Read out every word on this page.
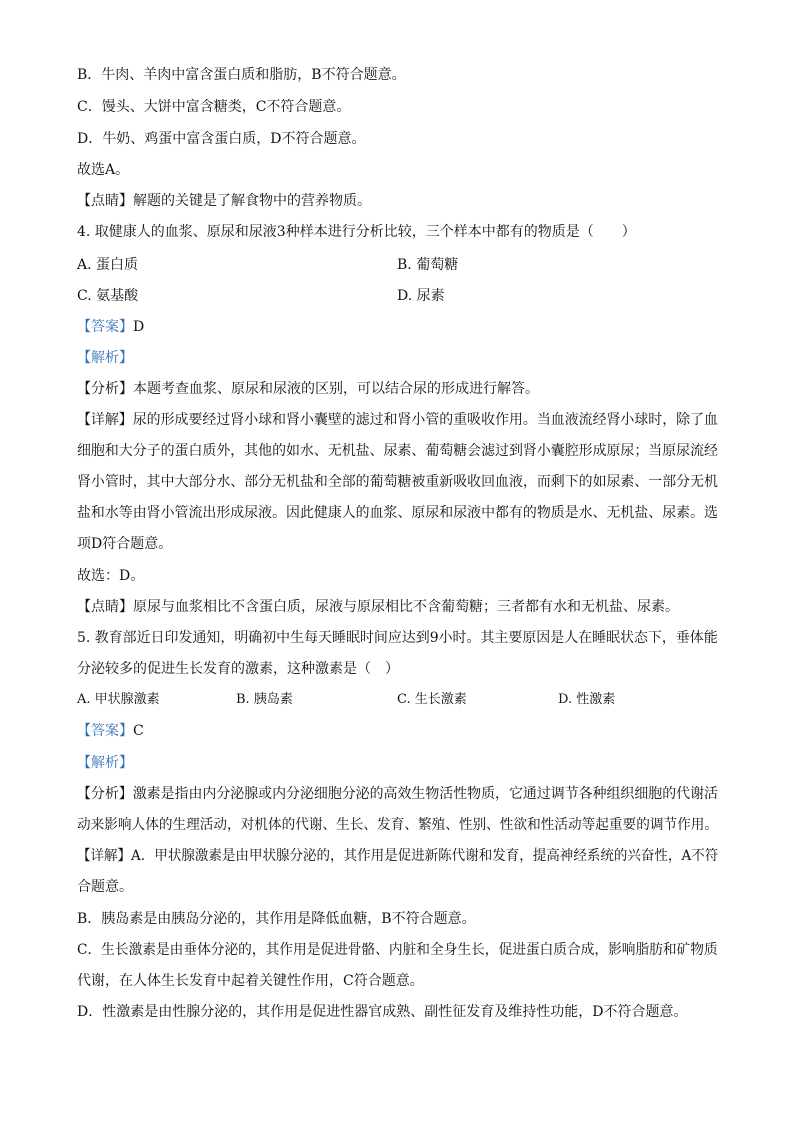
B．牛肉、羊肉中富含蛋白质和脂肪，B不符合题意。
C．馒头、大饼中富含糖类，C不符合题意。
D．牛奶、鸡蛋中富含蛋白质，D不符合题意。
故选A。
【点睛】解题的关键是了解食物中的营养物质。
4. 取健康人的血浆、原尿和尿液3种样本进行分析比较，三个样本中都有的物质是（　　）
A. 蛋白质	B. 葡萄糖
C. 氨基酸	D. 尿素
【答案】D
【解析】
【分析】本题考查血浆、原尿和尿液的区别，可以结合尿的形成进行解答。
【详解】尿的形成要经过肾小球和肾小囊壁的滤过和肾小管的重吸收作用。当血液流经肾小球时，除了血
细胞和大分子的蛋白质外，其他的如水、无机盐、尿素、葡萄糖会滤过到肾小囊腔形成原尿；当原尿流经
肾小管时，其中大部分水、部分无机盐和全部的葡萄糖被重新吸收回血液，而剩下的如尿素、一部分无机
盐和水等由肾小管流出形成尿液。因此健康人的血浆、原尿和尿液中都有的物质是水、无机盐、尿素。选
项D符合题意。
故选：D。
【点睛】原尿与血浆相比不含蛋白质，尿液与原尿相比不含葡萄糖；三者都有水和无机盐、尿素。
5. 教育部近日印发通知，明确初中生每天睡眠时间应达到9小时。其主要原因是人在睡眠状态下，垂体能
分泌较多的促进生长发育的激素，这种激素是（　）
A. 甲状腺激素	B. 胰岛素	C. 生长激素	D. 性激素
【答案】C
【解析】
【分析】激素是指由内分泌腺或内分泌细胞分泌的高效生物活性物质，它通过调节各种组织细胞的代谢活
动来影响人体的生理活动，对机体的代谢、生长、发育、繁殖、性别、性欲和性活动等起重要的调节作用。
【详解】A．甲状腺激素是由甲状腺分泌的，其作用是促进新陈代谢和发育，提高神经系统的兴奋性，A不符
合题意。
B．胰岛素是由胰岛分泌的，其作用是降低血糖，B不符合题意。
C．生长激素是由垂体分泌的，其作用是促进骨骼、内脏和全身生长，促进蛋白质合成，影响脂肪和矿物质
代谢，在人体生长发育中起着关键性作用，C符合题意。
D．性激素是由性腺分泌的，其作用是促进性器官成熟、副性征发育及维持性功能，D不符合题意。
